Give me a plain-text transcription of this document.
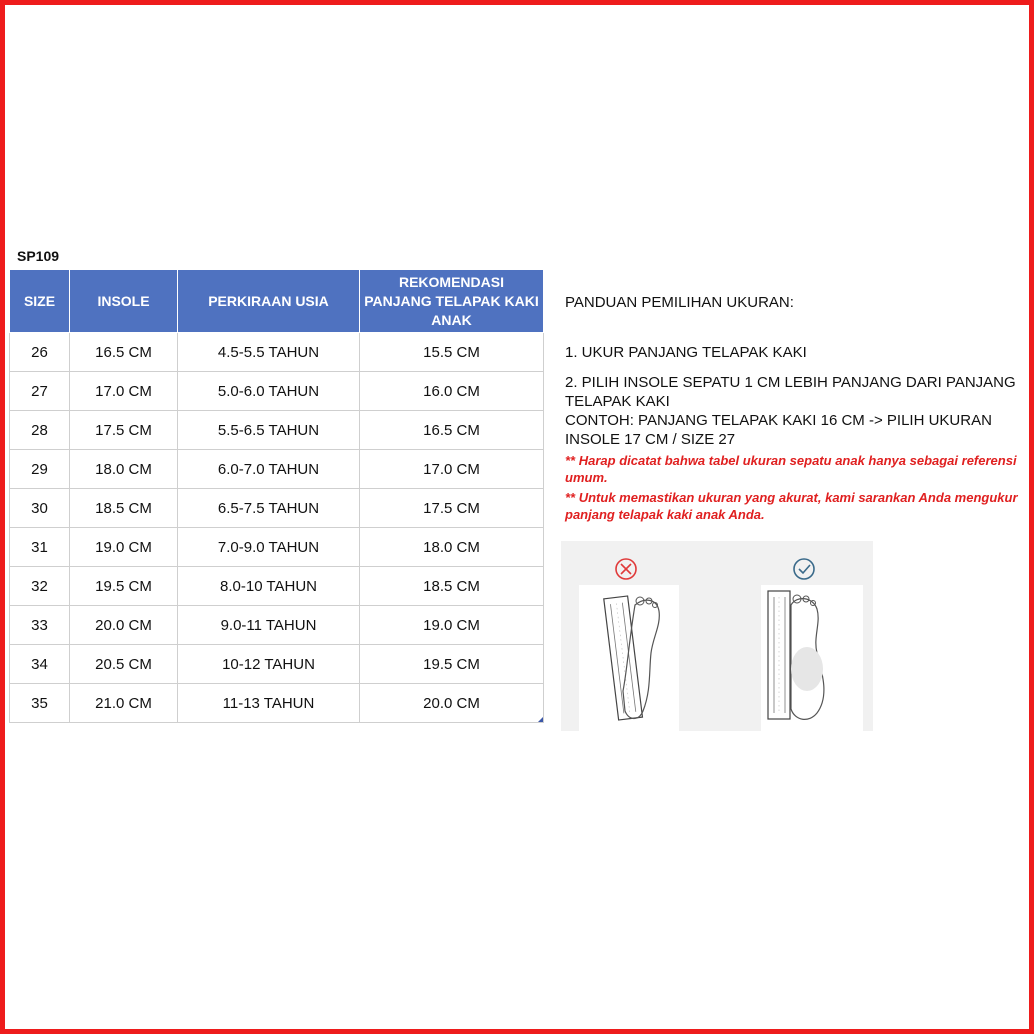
SP109
SIZE	INSOLE	PERKIRAAN USIA	REKOMENDASI PANJANG TELAPAK KAKI ANAK
26	16.5 CM	4.5-5.5 TAHUN	15.5 CM
27	17.0 CM	5.0-6.0 TAHUN	16.0 CM
28	17.5 CM	5.5-6.5 TAHUN	16.5 CM
29	18.0 CM	6.0-7.0 TAHUN	17.0 CM
30	18.5 CM	6.5-7.5 TAHUN	17.5 CM
31	19.0 CM	7.0-9.0 TAHUN	18.0 CM
32	19.5 CM	8.0-10 TAHUN	18.5 CM
33	20.0 CM	9.0-11 TAHUN	19.0 CM
34	20.5 CM	10-12 TAHUN	19.5 CM
35	21.0 CM	11-13 TAHUN	20.0 CM

PANDUAN PEMILIHAN UKURAN:

1. UKUR PANJANG TELAPAK KAKI

2. PILIH INSOLE SEPATU 1 CM LEBIH PANJANG DARI PANJANG TELAPAK KAKI

CONTOH: PANJANG TELAPAK KAKI 16 CM -> PILIH UKURAN INSOLE 17 CM / SIZE 27

** Harap dicatat bahwa tabel ukuran sepatu anak hanya sebagai referensi umum.

** Untuk memastikan ukuran yang akurat, kami sarankan Anda mengukur panjang telapak kaki anak Anda.
